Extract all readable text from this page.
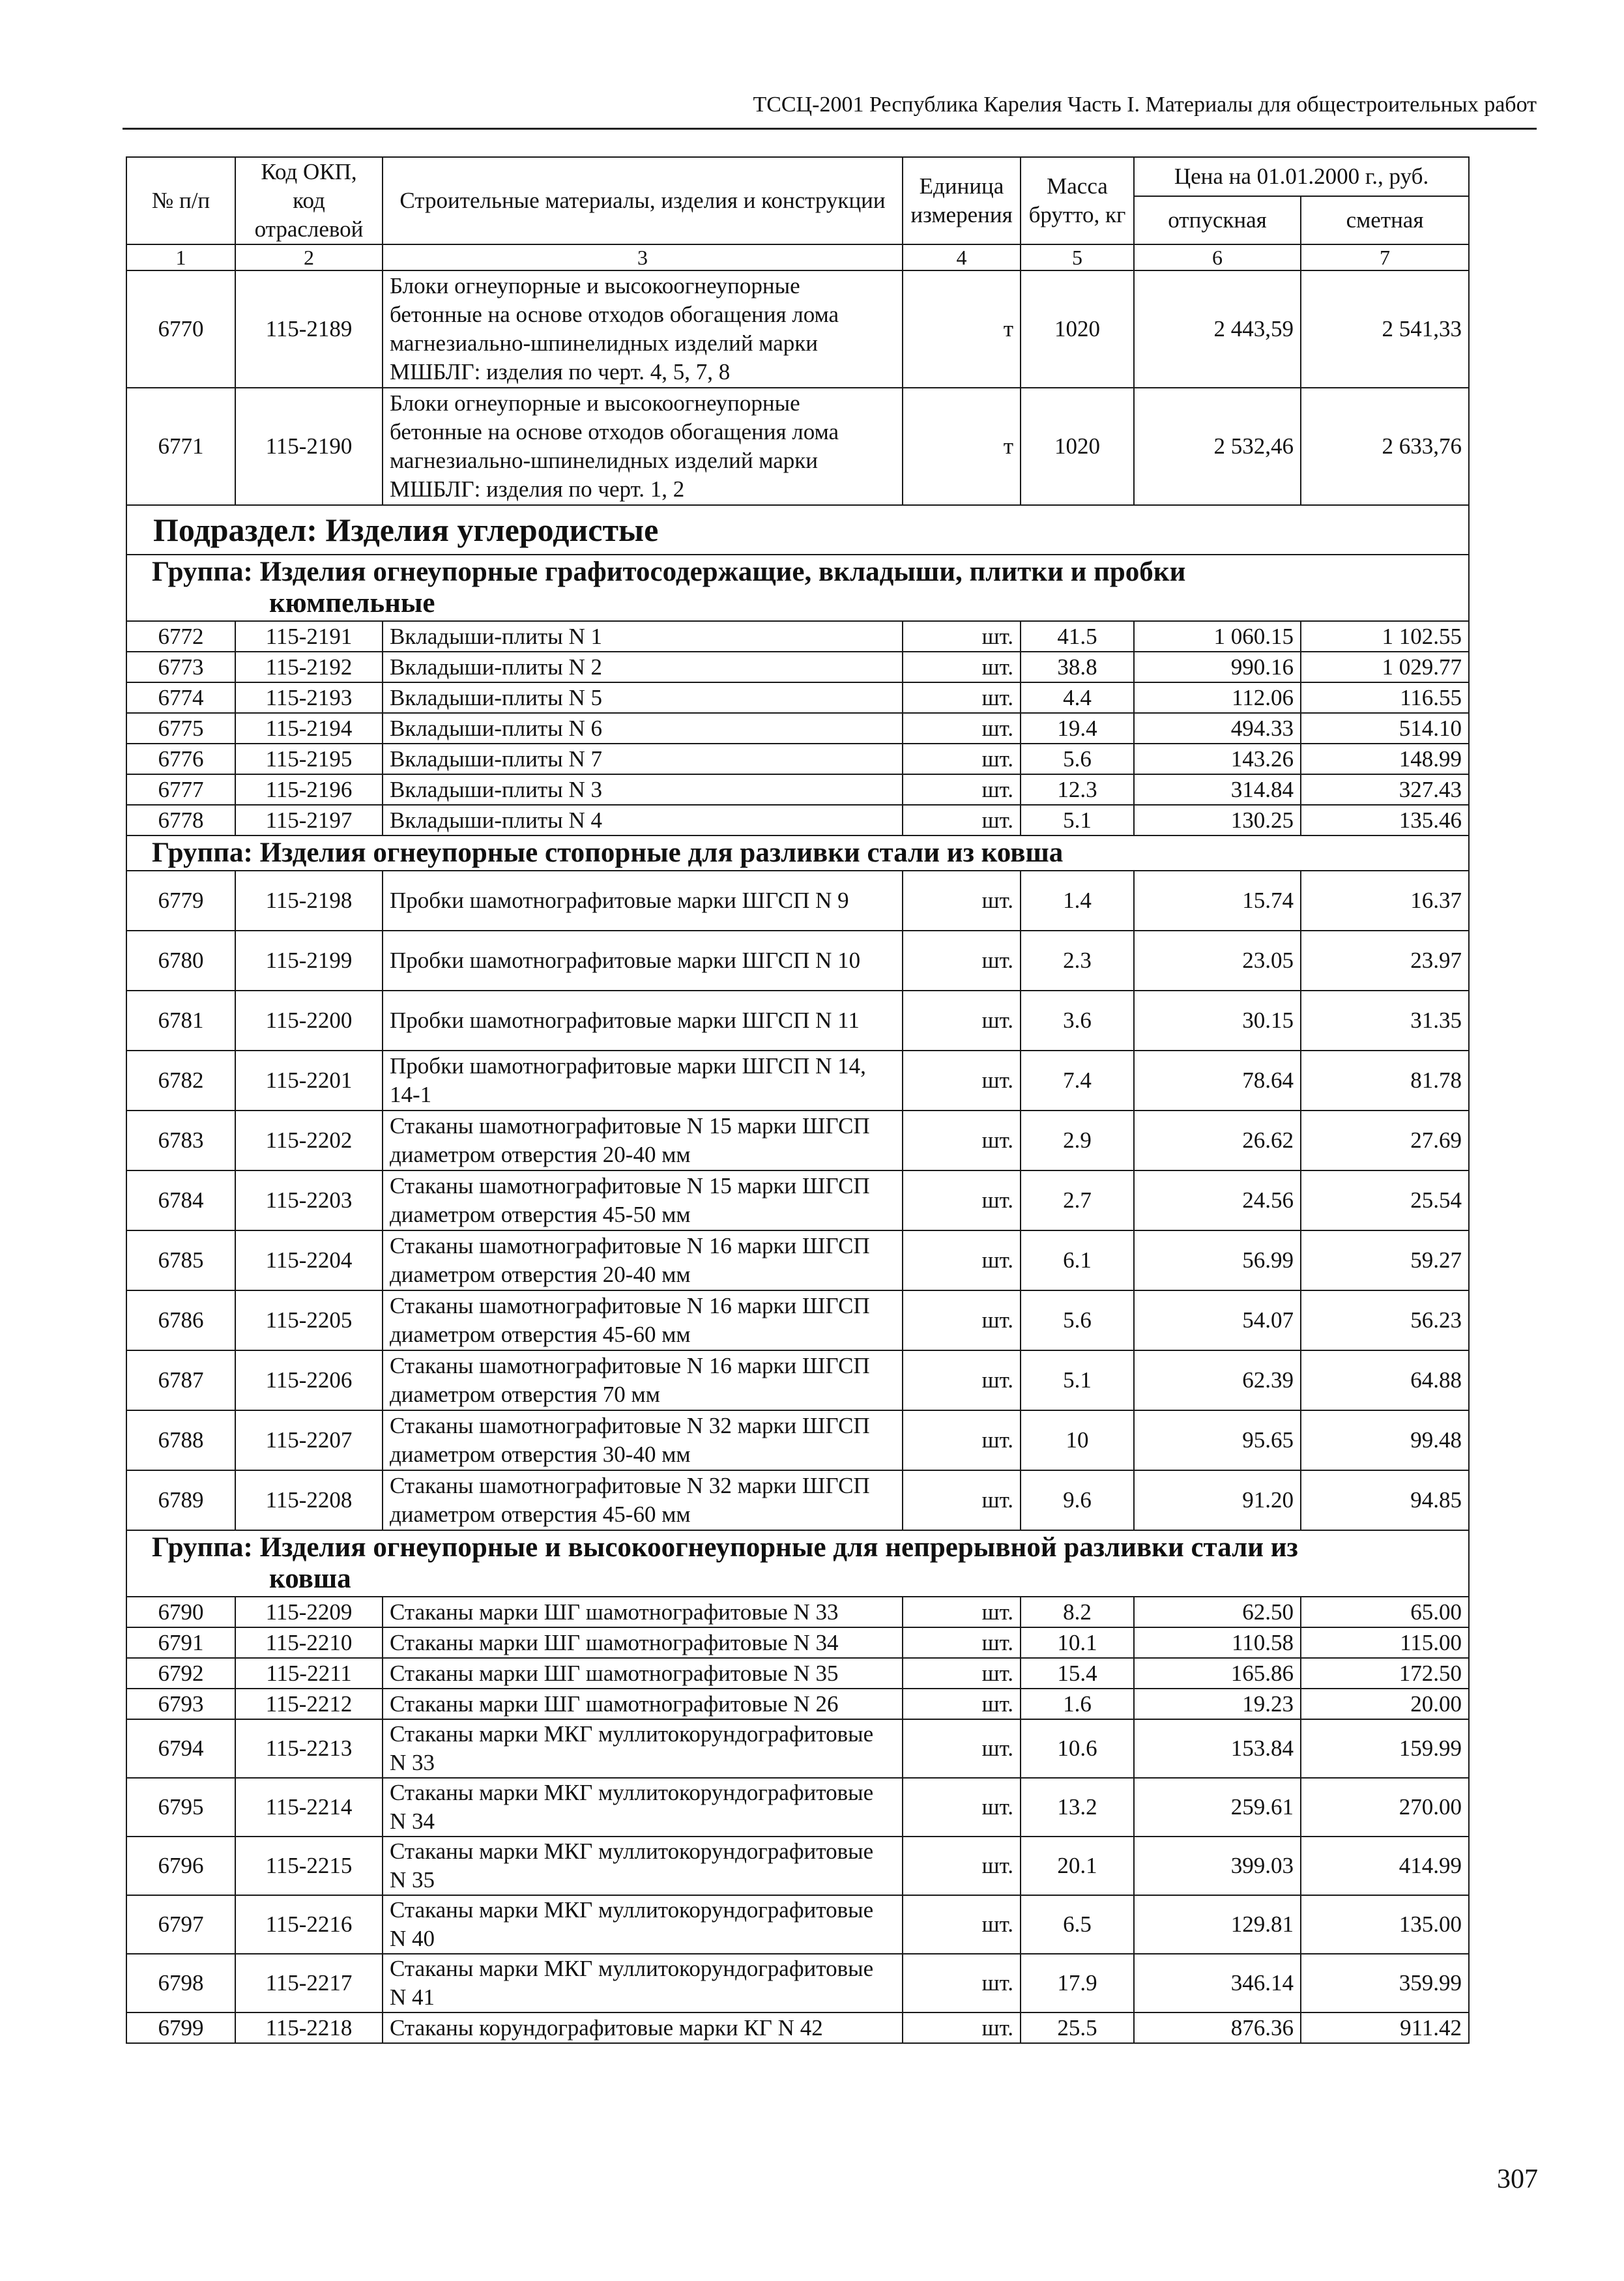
ТССЦ-2001 Республика Карелия Часть I. Материалы для общестроительных работ
№ п/п	Код ОКП, код отраслевой	Строительные материалы, изделия и конструкции	Единица измерения	Масса брутто, кг	Цена на 01.01.2000 г., руб.	
					отпускная	сметная
1	2	3	4	5	6	7
6770	115-2189	Блоки огнеупорные и высокоогнеупорные бетонные на основе отходов обогащения лома магнезиально-шпинелидных изделий марки МШБЛГ: изделия по черт. 4, 5, 7, 8	т	1020	2 443,59	2 541,33
6771	115-2190	Блоки огнеупорные и высокоогнеупорные бетонные на основе отходов обогащения лома магнезиально-шпинелидных изделий марки МШБЛГ: изделия по черт. 1, 2	т	1020	2 532,46	2 633,76
Подраздел: Изделия углеродистые						
Группа: Изделия огнеупорные графитосодержащие, вкладыши, плитки и пробки
кюмпельные						

6772	115-2191	Вкладыши-плиты N 1	шт.	41.5	1 060.15	1 102.55
6773	115-2192	Вкладыши-плиты N 2	шт.	38.8	990.16	1 029.77
6774	115-2193	Вкладыши-плиты N 5	шт.	4.4	112.06	116.55
6775	115-2194	Вкладыши-плиты N 6	шт.	19.4	494.33	514.10
6776	115-2195	Вкладыши-плиты N 7	шт.	5.6	143.26	148.99
6777	115-2196	Вкладыши-плиты N 3	шт.	12.3	314.84	327.43
6778	115-2197	Вкладыши-плиты N 4	шт.	5.1	130.25	135.46
Группа: Изделия огнеупорные стопорные для разливки стали из ковша						
6779	115-2198	Пробки шамотнографитовые марки ШГСП N 9	шт.	1.4	15.74	16.37
6780	115-2199	Пробки шамотнографитовые марки ШГСП N 10	шт.	2.3	23.05	23.97
6781	115-2200	Пробки шамотнографитовые марки ШГСП N 11	шт.	3.6	30.15	31.35
6782	115-2201	Пробки шамотнографитовые марки ШГСП N 14, 14-1	шт.	7.4	78.64	81.78
6783	115-2202	Стаканы шамотнографитовые N 15 марки ШГСП диаметром отверстия 20-40 мм	шт.	2.9	26.62	27.69
6784	115-2203	Стаканы шамотнографитовые N 15 марки ШГСП диаметром отверстия 45-50 мм	шт.	2.7	24.56	25.54
6785	115-2204	Стаканы шамотнографитовые N 16 марки ШГСП диаметром отверстия 20-40 мм	шт.	6.1	56.99	59.27
6786	115-2205	Стаканы шамотнографитовые N 16 марки ШГСП диаметром отверстия 45-60 мм	шт.	5.6	54.07	56.23
6787	115-2206	Стаканы шамотнографитовые N 16 марки ШГСП диаметром отверстия 70 мм	шт.	5.1	62.39	64.88
6788	115-2207	Стаканы шамотнографитовые N 32 марки ШГСП диаметром отверстия 30-40 мм	шт.	10	95.65	99.48
6789	115-2208	Стаканы шамотнографитовые N 32 марки ШГСП диаметром отверстия 45-60 мм	шт.	9.6	91.20	94.85
Группа: Изделия огнеупорные и высокоогнеупорные для непрерывной разливки стали из
ковша						

6790	115-2209	Стаканы марки ШГ шамотнографитовые N 33	шт.	8.2	62.50	65.00
6791	115-2210	Стаканы марки ШГ шамотнографитовые N 34	шт.	10.1	110.58	115.00
6792	115-2211	Стаканы марки ШГ шамотнографитовые N 35	шт.	15.4	165.86	172.50
6793	115-2212	Стаканы марки ШГ шамотнографитовые N 26	шт.	1.6	19.23	20.00
6794	115-2213	Стаканы марки МКГ муллитокорундографитовые N 33	шт.	10.6	153.84	159.99
6795	115-2214	Стаканы марки МКГ муллитокорундографитовые N 34	шт.	13.2	259.61	270.00
6796	115-2215	Стаканы марки МКГ муллитокорундографитовые N 35	шт.	20.1	399.03	414.99
6797	115-2216	Стаканы марки МКГ муллитокорундографитовые N 40	шт.	6.5	129.81	135.00
6798	115-2217	Стаканы марки МКГ муллитокорундографитовые N 41	шт.	17.9	346.14	359.99
6799	115-2218	Стаканы корундографитовые марки КГ N 42	шт.	25.5	876.36	911.42
307
